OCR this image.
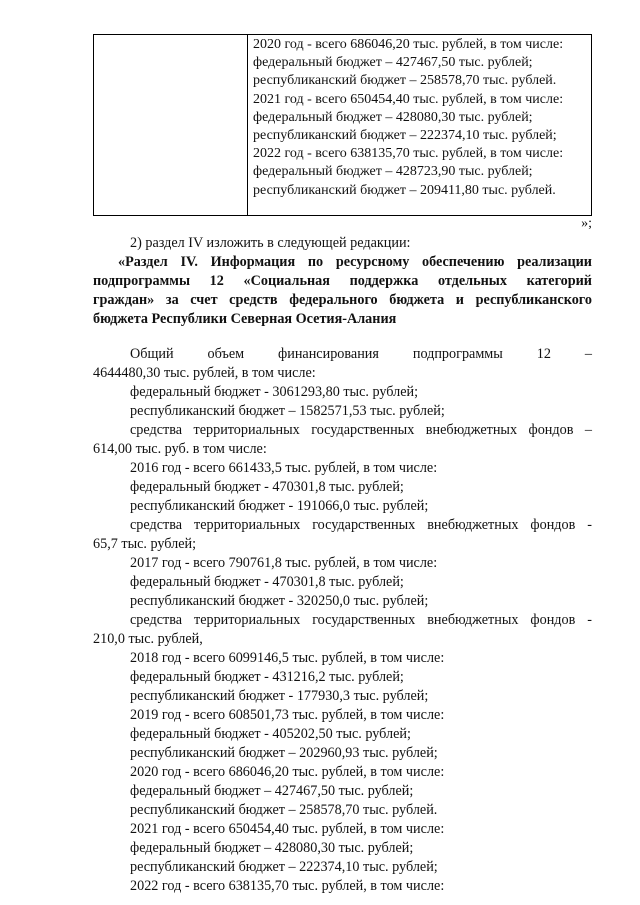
2020 год - всего 686046,20 тыс. рублей, в том числе:
федеральный бюджет – 427467,50 тыс. рублей;
республиканский бюджет – 258578,70 тыс. рублей.
2021 год - всего 650454,40 тыс. рублей, в том числе:
федеральный бюджет – 428080,30 тыс. рублей;
республиканский бюджет – 222374,10 тыс. рублей;
2022 год - всего 638135,70 тыс. рублей, в том числе:
федеральный бюджет – 428723,90 тыс. рублей;
республиканский бюджет – 209411,80 тыс. рублей.
»;
2) раздел IV изложить в следующей редакции:
«Раздел IV. Информация по ресурсному обеспечению реализации
подпрограммы 12 «Социальная поддержка отдельных категорий
граждан» за счет средств федерального бюджета и республиканского
бюджета Республики Северная Осетия-Алания
Общий объем финансирования подпрограммы 12 –
4644480,30 тыс. рублей, в том числе:
федеральный бюджет - 3061293,80 тыс. рублей;
республиканский бюджет – 1582571,53 тыс. рублей;
средства территориальных государственных внебюджетных фондов –
614,00 тыс. руб. в том числе:
2016 год - всего 661433,5 тыс. рублей, в том числе:
федеральный бюджет - 470301,8 тыс. рублей;
республиканский бюджет - 191066,0 тыс. рублей;
средства территориальных государственных внебюджетных фондов -
65,7 тыс. рублей;
2017 год - всего 790761,8 тыс. рублей, в том числе:
федеральный бюджет - 470301,8 тыс. рублей;
республиканский бюджет - 320250,0 тыс. рублей;
средства территориальных государственных внебюджетных фондов -
210,0 тыс. рублей,
2018 год - всего 6099146,5 тыс. рублей, в том числе:
федеральный бюджет - 431216,2 тыс. рублей;
республиканский бюджет - 177930,3 тыс. рублей;
2019 год - всего 608501,73 тыс. рублей, в том числе:
федеральный бюджет - 405202,50 тыс. рублей;
республиканский бюджет – 202960,93 тыс. рублей;
2020 год - всего 686046,20 тыс. рублей, в том числе:
федеральный бюджет – 427467,50 тыс. рублей;
республиканский бюджет – 258578,70 тыс. рублей.
2021 год - всего 650454,40 тыс. рублей, в том числе:
федеральный бюджет – 428080,30 тыс. рублей;
республиканский бюджет – 222374,10 тыс. рублей;
2022 год - всего 638135,70 тыс. рублей, в том числе:
